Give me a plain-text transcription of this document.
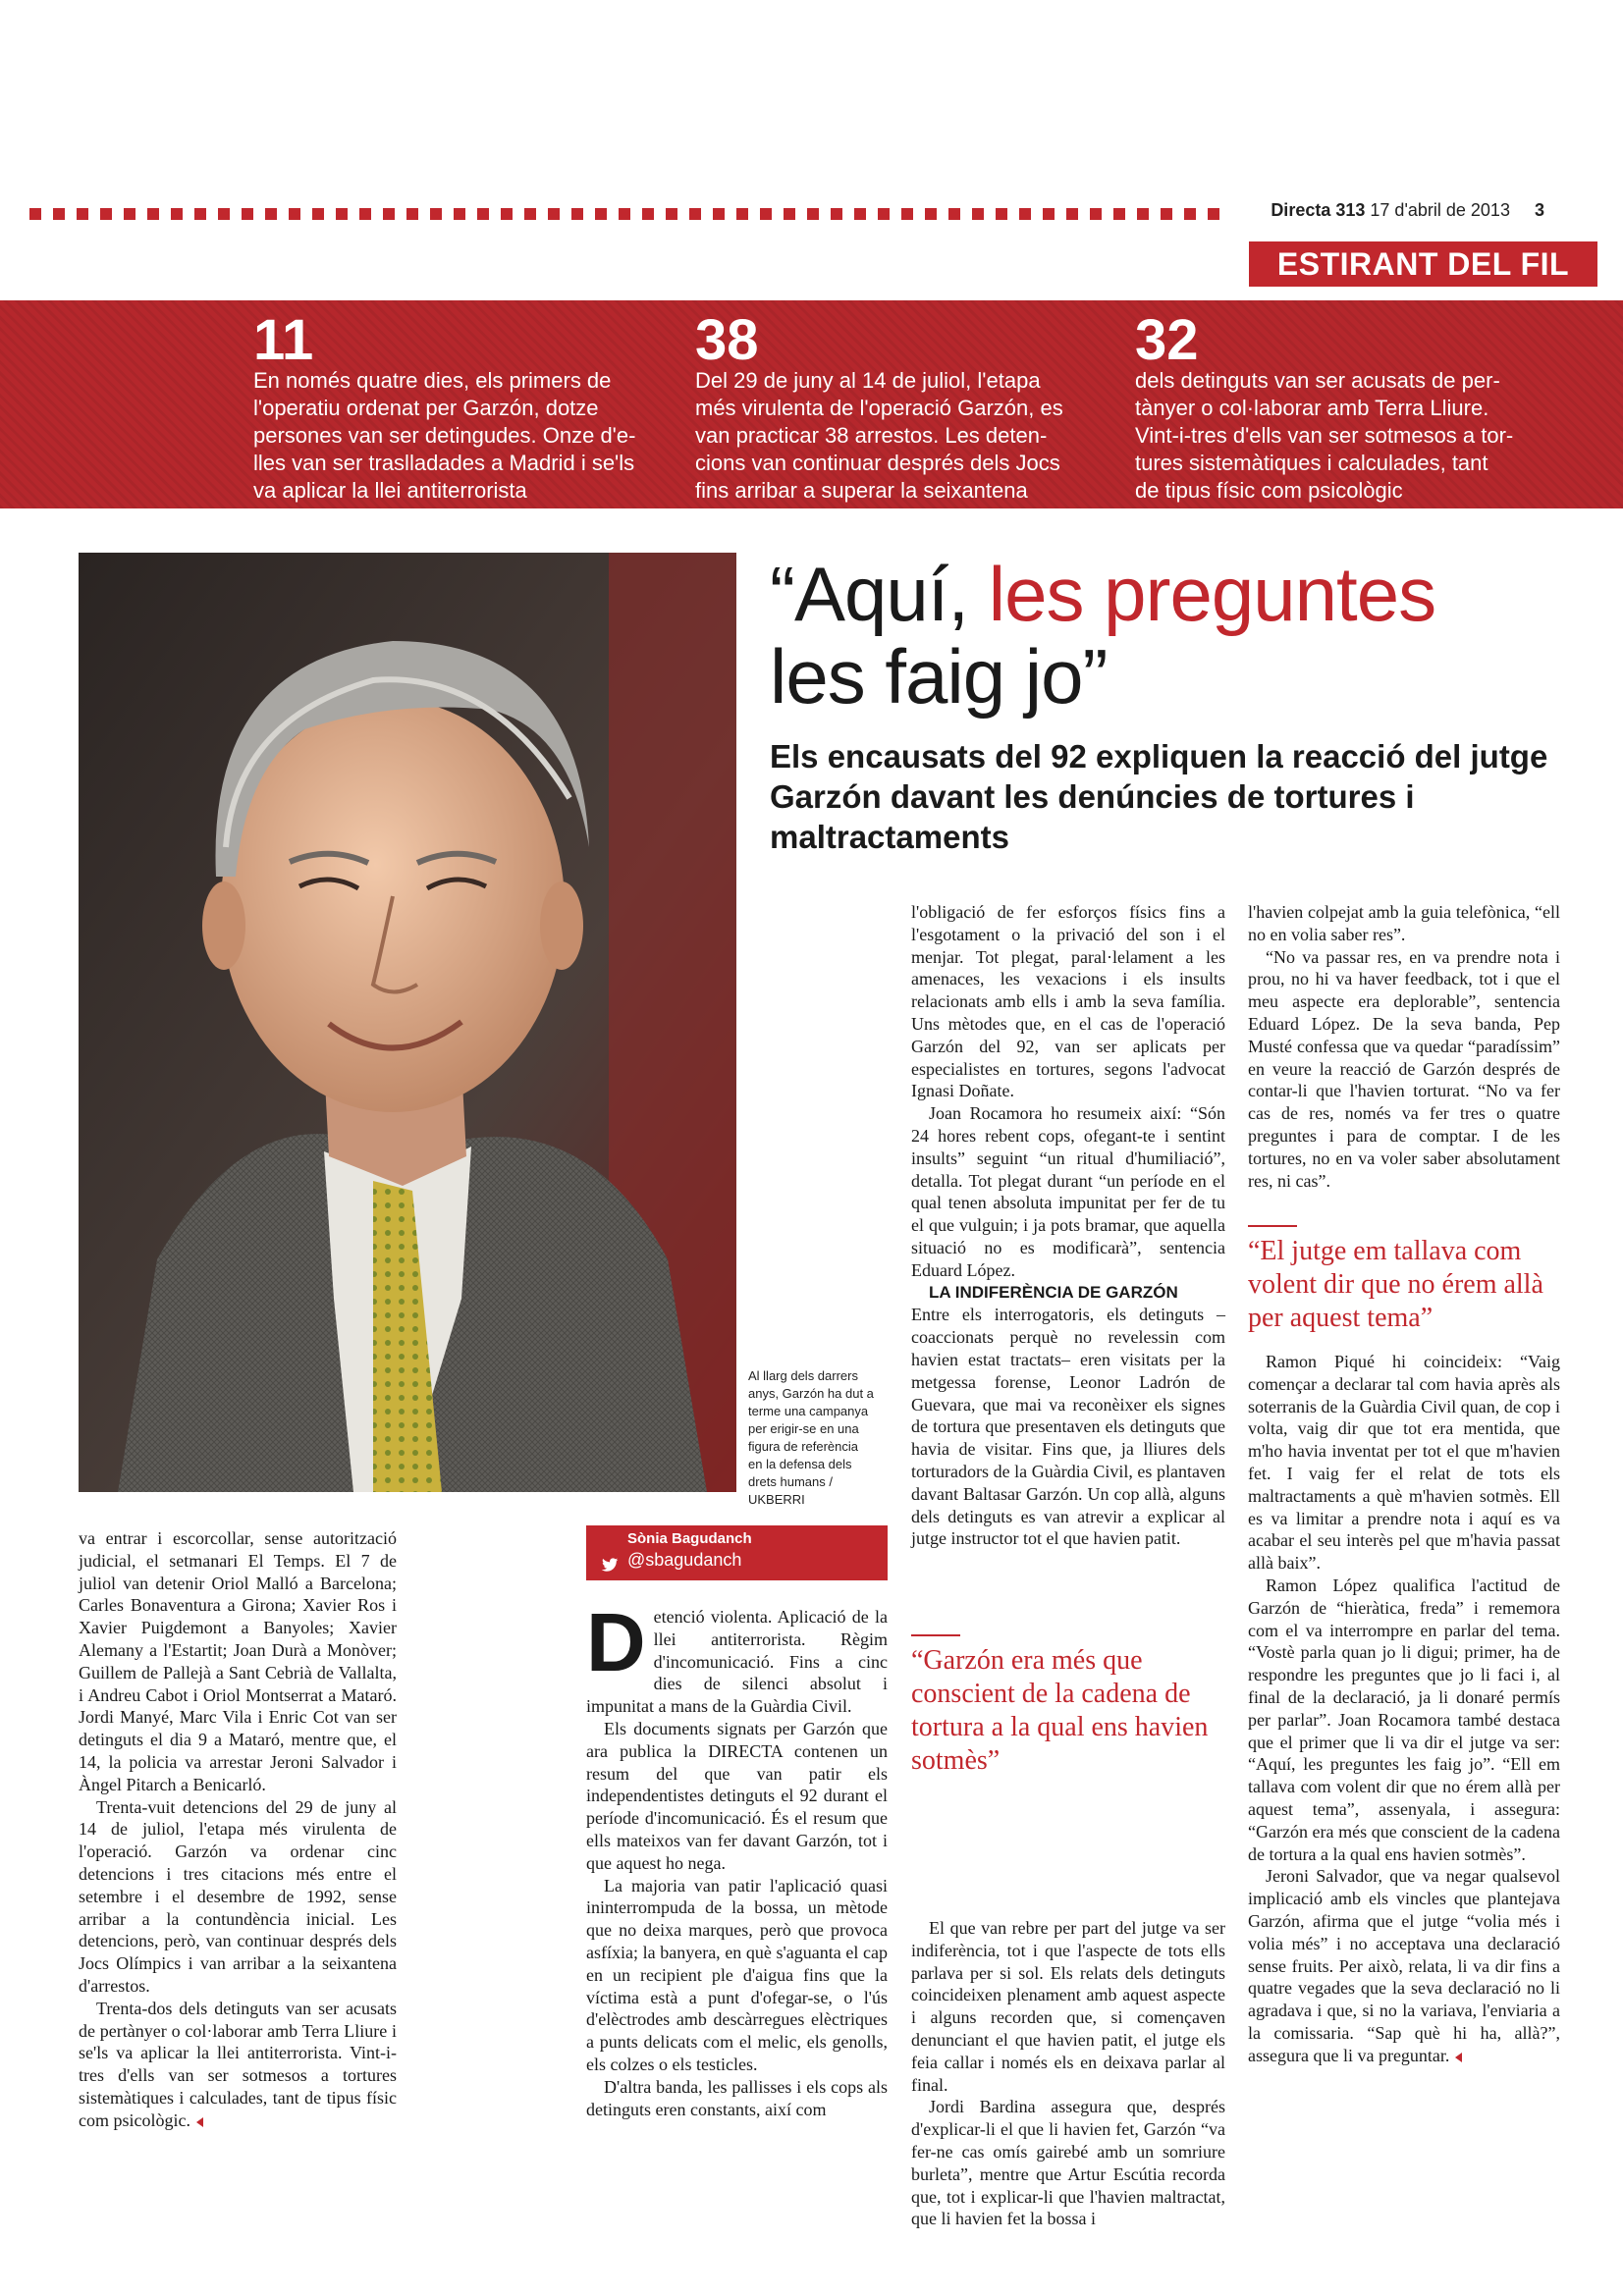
Directa 313 17 d'abril de 2013 3
ESTIRANT DEL FIL
11
En només quatre dies, els primers de
l'operatiu ordenat per Garzón, dotze
persones van ser detingudes. Onze d'e-
lles van ser traslladades a Madrid i se'ls
va aplicar la llei antiterrorista
38
Del 29 de juny al 14 de juliol, l'etapa
més virulenta de l'operació Garzón, es
van practicar 38 arrestos. Les deten-
cions van continuar després dels Jocs
fins arribar a superar la seixantena
32
dels detinguts van ser acusats de per-
tànyer o col·laborar amb Terra Lliure.
Vint-i-tres d'ells van ser sotmesos a tor-
tures sistemàtiques i calculades, tant
de tipus físic com psicològic
Al llarg dels darrers anys, Garzón ha dut a terme una campanya per erigir-se en una figura de referència en la defensa dels drets humans / UKBERRI
“Aquí, les preguntes
les faig jo”
Els encausats del 92 expliquen la reacció del jutge Garzón davant les denúncies de tortures i maltractaments

va entrar i escorcollar, sense autorització judicial, el setmanari El Temps. El 7 de juliol van detenir Oriol Malló a Barcelona; Carles Bonaventura a Girona; Xavier Ros i Xavier Puigdemont a Banyoles; Xavier Alemany a l'Estartit; Joan Durà a Monòver; Guillem de Pallejà a Sant Cebrià de Vallalta, i Andreu Cabot i Oriol Montserrat a Mataró. Jordi Manyé, Marc Vila i Enric Cot van ser detinguts el dia 9 a Mataró, mentre que, el 14, la policia va arrestar Jeroni Salvador i Àngel Pitarch a Benicarló.

Trenta-vuit detencions del 29 de juny al 14 de juliol, l'etapa més virulenta de l'operació. Garzón va ordenar cinc detencions i tres citacions més entre el setembre i el desembre de 1992, sense arribar a la contundència inicial. Les detencions, però, van continuar després dels Jocs Olímpics i van arribar a la seixantena d'arrestos.

Trenta-dos dels detinguts van ser acusats de pertànyer o col·laborar amb Terra Lliure i se'ls va aplicar la llei antiterrorista. Vint-i-tres d'ells van ser sotmesos a tortures sistemàtiques i calculades, tant de tipus físic com psicològic.

Sònia Bagudanch
@sbagudanch

Detenció violenta. Aplicació de la llei antiterrorista. Règim d'incomunicació. Fins a cinc dies de silenci absolut i impunitat a mans de la Guàrdia Civil.

Els documents signats per Garzón que ara publica la DIRECTA contenen un resum del que van patir els independentistes detinguts el 92 durant el període d'incomunicació. És el resum que ells mateixos van fer davant Garzón, tot i que aquest ho nega.

La majoria van patir l'aplicació quasi ininterrompuda de la bossa, un mètode que no deixa marques, però que provoca asfíxia; la banyera, en què s'aguanta el cap en un recipient ple d'aigua fins que la víctima està a punt d'ofegar-se, o l'ús d'elèctrodes amb descàrregues elèctriques a punts delicats com el melic, els genolls, els colzes o els testicles.

D'altra banda, les pallisses i els cops als detinguts eren constants, així com

l'obligació de fer esforços físics fins a l'esgotament o la privació del son i el menjar. Tot plegat, paral·lelament a les amenaces, les vexacions i els insults relacionats amb ells i amb la seva família. Uns mètodes que, en el cas de l'operació Garzón del 92, van ser aplicats per especialistes en tortures, segons l'advocat Ignasi Doñate.

Joan Rocamora ho resumeix així: “Són 24 hores rebent cops, ofegant-te i sentint insults” seguint “un ritual d'humiliació”, detalla. Tot plegat durant “un període en el qual tenen absoluta impunitat per fer de tu el que vulguin; i ja pots bramar, que aquella situació no es modificarà”, sentencia Eduard López.

LA INDIFERÈNCIA DE GARZÓN

Entre els interrogatoris, els detinguts –coaccionats perquè no revelessin com havien estat tractats– eren visitats per la metgessa forense, Leonor Ladrón de Guevara, que mai va reconèixer els signes de tortura que presentaven els detinguts que havia de visitar. Fins que, ja lliures dels torturadors de la Guàrdia Civil, es plantaven davant Baltasar Garzón. Un cop allà, alguns dels detinguts es van atrevir a explicar al jutge instructor tot el que havien patit.

“Garzón era més que conscient de la cadena de tortura a la qual ens havien sotmès”

El que van rebre per part del jutge va ser indiferència, tot i que l'aspecte de tots ells parlava per si sol. Els relats dels detinguts coincideixen plenament amb aquest aspecte i alguns recorden que, si començaven denunciant el que havien patit, el jutge els feia callar i només els en deixava parlar al final.

Jordi Bardina assegura que, després d'explicar-li el que li havien fet, Garzón “va fer-ne cas omís gairebé amb un somriure burleta”, mentre que Artur Escútia recorda que, tot i explicar-li que l'havien maltractat, que li havien fet la bossa i

l'havien colpejat amb la guia telefònica, “ell no en volia saber res”.

“No va passar res, en va prendre nota i prou, no hi va haver feedback, tot i que el meu aspecte era deplorable”, sentencia Eduard López. De la seva banda, Pep Musté confessa que va quedar “paradíssim” en veure la reacció de Garzón després de contar-li que l'havien torturat. “No va fer cas de res, només va fer tres o quatre preguntes i para de comptar. I de les tortures, no en va voler saber absolutament res, ni cas”.

“El jutge em tallava com volent dir que no érem allà per aquest tema”

Ramon Piqué hi coincideix: “Vaig començar a declarar tal com havia après als soterranis de la Guàrdia Civil quan, de cop i volta, vaig dir que tot era mentida, que m'ho havia inventat per tot el que m'havien fet. I vaig fer el relat de tots els maltractaments a què m'havien sotmès. Ell es va limitar a prendre nota i aquí es va acabar el seu interès pel que m'havia passat allà baix”.

Ramon López qualifica l'actitud de Garzón de “hieràtica, freda” i rememora com el va interrompre en parlar del tema. “Vostè parla quan jo li digui; primer, ha de respondre les preguntes que jo li faci i, al final de la declaració, ja li donaré permís per parlar”. Joan Rocamora també destaca que el primer que li va dir el jutge va ser: “Aquí, les preguntes les faig jo”. “Ell em tallava com volent dir que no érem allà per aquest tema”, assenyala, i assegura: “Garzón era més que conscient de la cadena de tortura a la qual ens havien sotmès”.

Jeroni Salvador, que va negar qualsevol implicació amb els vincles que plantejava Garzón, afirma que el jutge “volia més i volia més” i no acceptava una declaració sense fruits. Per això, relata, li va dir fins a quatre vegades que la seva declaració no li agradava i que, si no la variava, l'enviaria a la comissaria. “Sap què hi ha, allà?”, assegura que li va preguntar.
